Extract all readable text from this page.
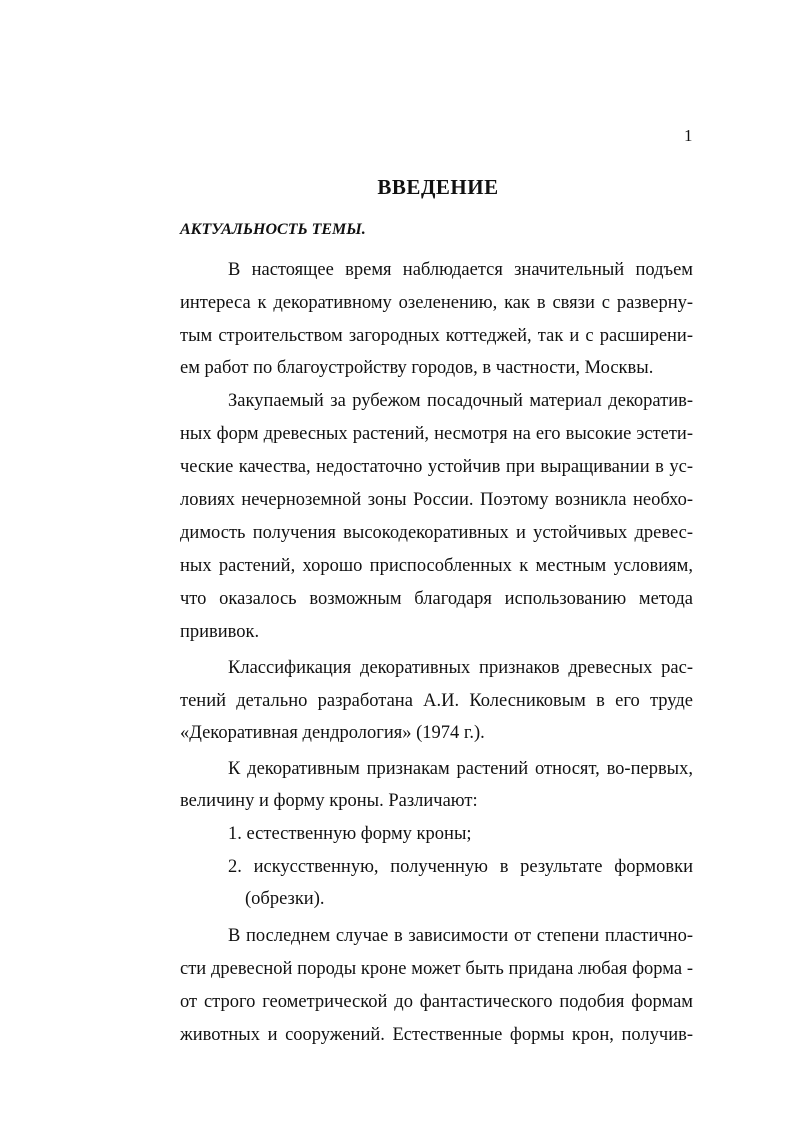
1
ВВЕДЕНИЕ
АКТУАЛЬНОСТЬ ТЕМЫ.
В настоящее время наблюдается значительный подъем
интереса к декоративному озеленению, как в связи с разверну-
тым строительством загородных коттеджей, так и с расширени-
ем работ по благоустройству городов, в частности, Москвы.
Закупаемый за рубежом посадочный материал декоратив-
ных форм древесных растений, несмотря на его высокие эстети-
ческие качества, недостаточно устойчив при выращивании в ус-
ловиях нечерноземной зоны России. Поэтому возникла необхо-
димость получения высокодекоративных и устойчивых древес-
ных растений, хорошо приспособленных к местным условиям,
что оказалось возможным благодаря использованию метода
прививок.
Классификация декоративных признаков древесных рас-
тений детально разработана А.И. Колесниковым в его труде
«Декоративная дендрология» (1974 г.).
К декоративным признакам растений относят, во-первых,
величину и форму кроны. Различают:
1. естественную форму кроны;
2. искусственную, полученную в результате формовки
(обрезки).
В последнем случае в зависимости от степени пластично-
сти древесной породы кроне может быть придана любая форма -
от строго геометрической до фантастического подобия формам
животных и сооружений. Естественные формы крон, получив-
